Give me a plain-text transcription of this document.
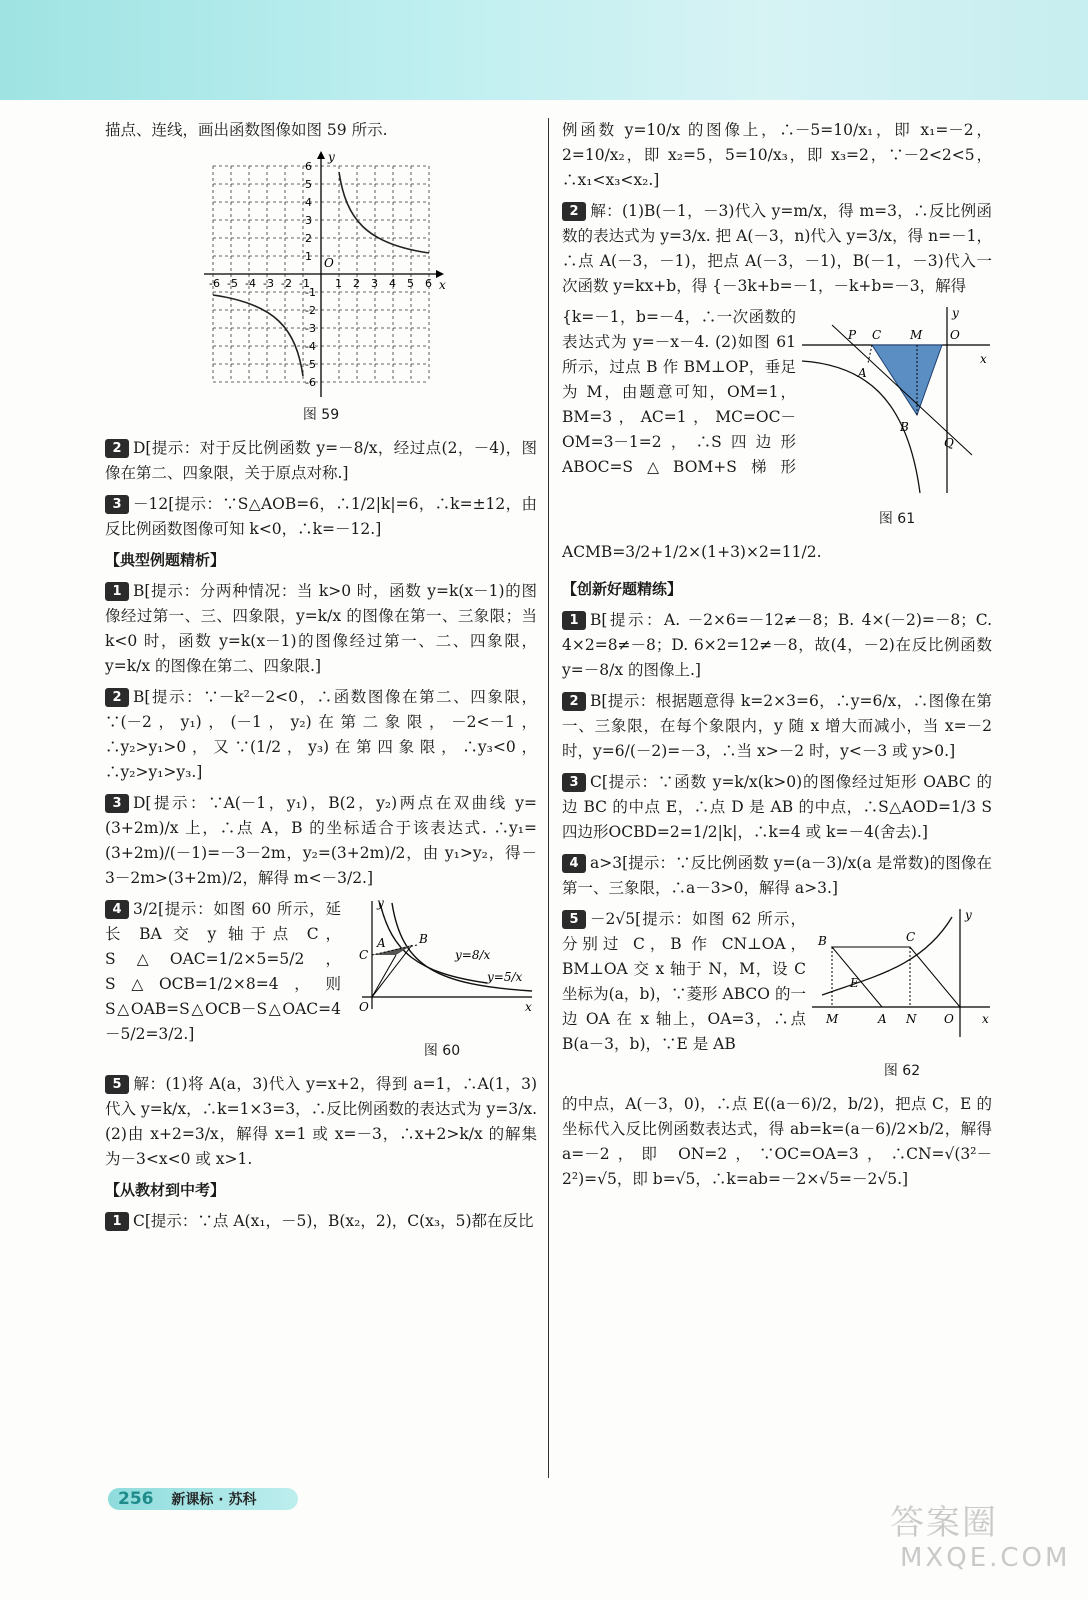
描点、连线，画出函数图像如图 59 所示.

x
y
O
-6 -5 -4 -3 -2 -1 1 2 3 4 5 6
6
5
4
3
2
1
-1
-2
-3
-4
-5
-6
图 59

2 D[提示：对于反比例函数 y=－8/x，经过点(2，－4)，图像在第二、四象限，关于原点对称.]

3 －12[提示：∵S△AOB=6，∴1/2|k|=6，∴k=±12，由反比例函数图像可知 k<0，∴k=－12.]

【典型例题精析】

1 B[提示：分两种情况：当 k>0 时，函数 y=k(x－1)的图像经过第一、三、四象限，y=k/x 的图像在第一、三象限；当 k<0 时，函数 y=k(x－1)的图像经过第一、二、四象限，y=k/x 的图像在第二、四象限.]

2 B[提示：∵－k²－2<0，∴函数图像在第二、四象限，∵(－2，y₁)，(－1，y₂)在第二象限，－2<－1，∴y₂>y₁>0，又∵(1/2，y₃)在第四象限，∴y₃<0，∴y₂>y₁>y₃.]

3 D[提示：∵A(－1，y₁)，B(2，y₂)两点在双曲线 y=(3+2m)/x 上，∴点 A，B 的坐标适合于该表达式. ∴y₁=(3+2m)/(－1)=－3－2m，y₂=(3+2m)/2，由 y₁>y₂，得－3－2m>(3+2m)/2，解得 m<－3/2.]

y
x
O
A	B
C	y=8/x
y=5/x
图 60

4 3/2[提示：如图 60 所示，延长 BA 交 y 轴于点 C，S△OAC=1/2×5=5/2，S△OCB=1/2×8=4，则 S△OAB=S△OCB－S△OAC=4－5/2=3/2.]

5 解：(1)将 A(a，3)代入 y=x+2，得到 a=1，∴A(1，3)代入 y=k/x，∴k=1×3=3，∴反比例函数的表达式为 y=3/x. (2)由 x+2=3/x，解得 x=1 或 x=－3，∴x+2>k/x 的解集为－3<x<0 或 x>1.

【从教材到中考】

1 C[提示：∵点 A(x₁，－5)，B(x₂，2)，C(x₃，5)都在反比

例函数 y=10/x 的图像上，∴－5=10/x₁，即 x₁=－2，2=10/x₂，即 x₂=5，5=10/x₃，即 x₃=2，∵－2<2<5，∴x₁<x₃<x₂.]

2 解：(1)B(－1，－3)代入 y=m/x，得 m=3，∴反比例函数的表达式为 y=3/x. 把 A(－3，n)代入 y=3/x，得 n=－1，∴点 A(－3，－1)，把点 A(－3，－1)，B(－1，－3)代入一次函数 y=kx+b，得 {－3k+b=－1，－k+b=－3，解得

P C M O
A
B
Q
x
y
图 61

{k=－1，b=－4，∴一次函数的表达式为 y=－x－4. (2)如图 61 所示，过点 B 作 BM⊥OP，垂足为 M，由题意可知，OM=1，BM=3，AC=1，MC=OC－OM=3－1=2，∴S四边形ABOC=S△BOM+S梯形ACMB=3/2+1/2×(1+3)×2=11/2.

【创新好题精练】

1 B[提示：A. －2×6=－12≠－8；B. 4×(－2)=－8；C. 4×2=8≠－8；D. 6×2=12≠－8，故(4，－2)在反比例函数 y=－8/x 的图像上.]

2 B[提示：根据题意得 k=2×3=6，∴y=6/x，∴图像在第一、三象限，在每个象限内，y 随 x 增大而减小，当 x=－2时，y=6/(－2)=－3，∴当 x>－2 时，y<－3 或 y>0.]

3 C[提示：∵函数 y=k/x(k>0)的图像经过矩形 OABC 的边 BC 的中点 E，∴点 D 是 AB 的中点，∴S△AOD=1/3 S四边形OCBD=2=1/2|k|，∴k=4 或 k=－4(舍去).]

4 a>3[提示：∵反比例函数 y=(a－3)/x(a 是常数)的图像在第一、三象限，∴a－3>0，解得 a>3.]

B	C
E
M	A N O x
y
图 62

5 －2√5[提示：如图 62 所示，分别过 C，B 作 CN⊥OA，BM⊥OA 交 x 轴于 N，M，设 C 坐标为(a，b)，∵菱形 ABCO 的一边 OA 在 x 轴上，OA=3，∴点 B(a－3，b)，∵E 是 AB

的中点，A(－3，0)，∴点 E((a－6)/2，b/2)，把点 C，E 的坐标代入反比例函数表达式，得 ab=k=(a－6)/2×b/2，解得 a=－2，即 ON=2，∵OC=OA=3，∴CN=√(3²－2²)=√5，即 b=√5，∴k=ab=－2×√5=－2√5.]

256 新课标 · 苏科
答案圈
MXQE.COM
